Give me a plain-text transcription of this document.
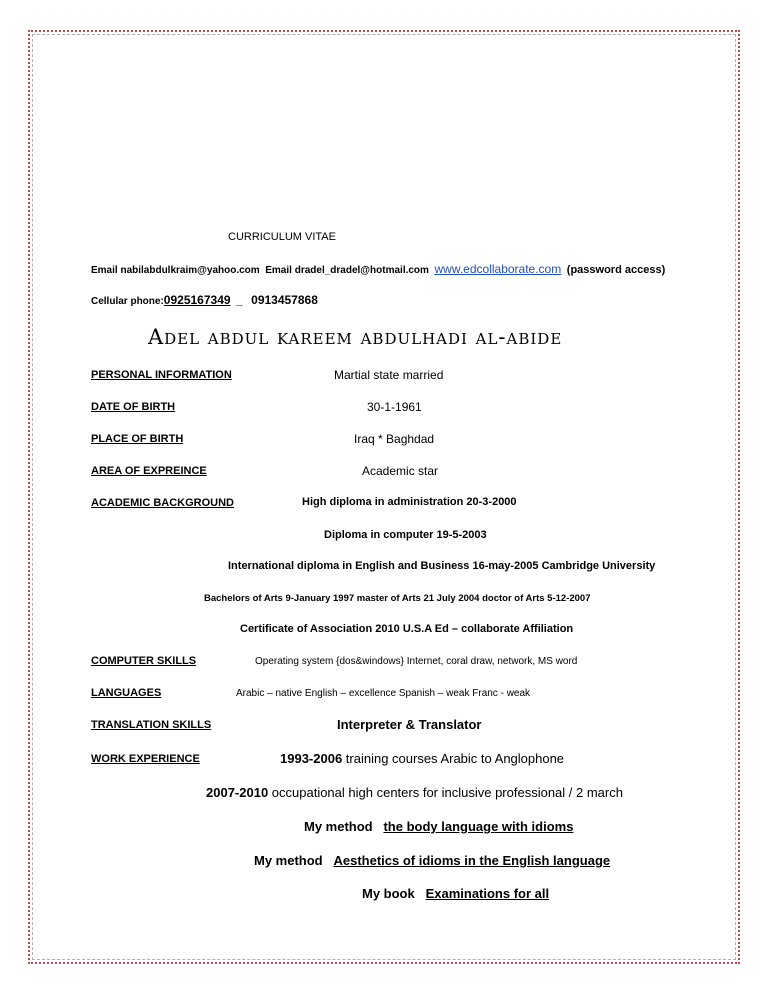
CURRICULUM VITAE
Email nabilabdulkraim@yahoo.com Email dradel_dradel@hotmail.com www.edcollaborate.com (password access)
Cellular phone:0925167349 _ 0913457868
Adel abdul kareem abdulhadi al-abide
PERSONAL INFORMATION	Martial state married
DATE OF BIRTH	30-1-1961
PLACE OF BIRTH	Iraq * Baghdad
AREA OF EXPREINCE	Academic star
ACADEMIC BACKGROUND	High diploma in administration 20-3-2000
Diploma in computer 19-5-2003
International diploma in English and Business 16-may-2005 Cambridge University
Bachelors of Arts 9-January 1997 master of Arts 21 July 2004 doctor of Arts 5-12-2007
Certificate of Association 2010 U.S.A Ed – collaborate Affiliation
COMPUTER SKILLS	Operating system {dos&windows} Internet, coral draw, network, MS word
LANGUAGES	Arabic – native English – excellence Spanish – weak Franc - weak
TRANSLATION SKILLS	Interpreter & Translator
WORK EXPERIENCE	1993-2006 training courses Arabic to Anglophone
2007-2010 occupational high centers for inclusive professional / 2 march
My method the body language with idioms
My method Aesthetics of idioms in the English language
My book Examinations for all
